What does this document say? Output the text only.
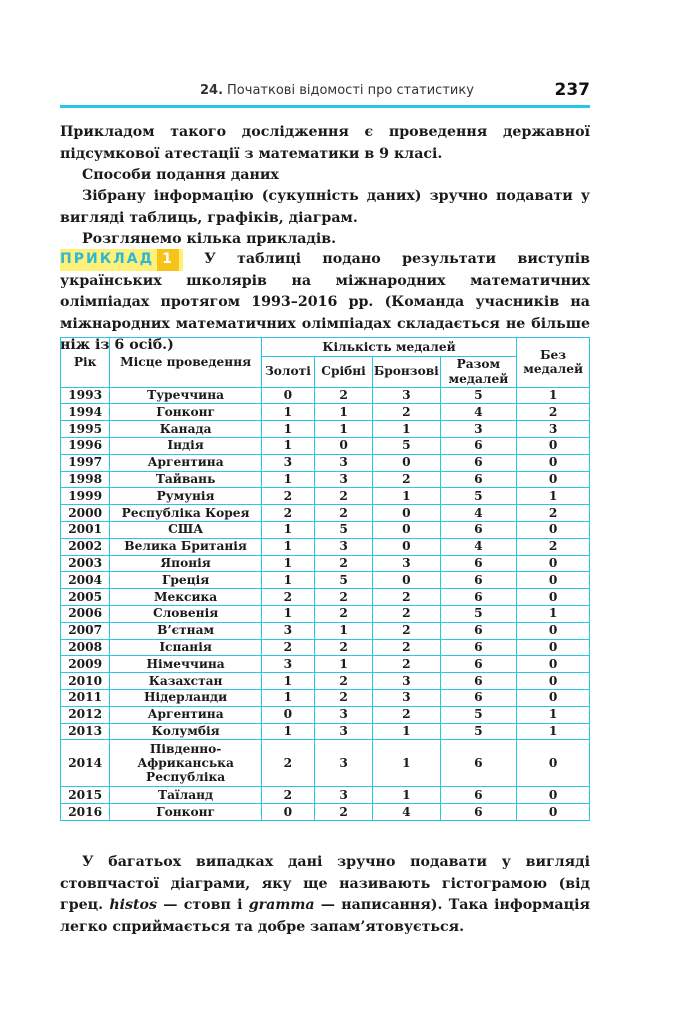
24. Початкові відомості про статистику	237
Прикладом такого дослідження є проведення державної підсумкової атестації з математики в 9 класі.
Способи подання даних
Зібрану інформацію (сукупність даних) зручно подавати у вигляді таблиць, графіків, діаграм.
Розглянемо кілька прикладів.
ПРИКЛАД 1 У таблиці подано результати виступів українських школярів на міжнародних математичних олімпіадах протягом 1993–2016 рр. (Команда учасників на міжнародних математичних олімпіадах складається не більше ніж із 6 осіб.)
Рік	Місце проведення	Кількість медалей				Без медалей
		Золоті	Срібні	Бронзові	Разом медалей	
1993	Туреччина	0	2	3	5	1
1994	Гонконг	1	1	2	4	2
1995	Канада	1	1	1	3	3
1996	Індія	1	0	5	6	0
1997	Аргентина	3	3	0	6	0
1998	Тайвань	1	3	2	6	0
1999	Румунія	2	2	1	5	1
2000	Республіка Корея	2	2	0	4	2
2001	США	1	5	0	6	0
2002	Велика Британія	1	3	0	4	2
2003	Японія	1	2	3	6	0
2004	Греція	1	5	0	6	0
2005	Мексика	2	2	2	6	0
2006	Словенія	1	2	2	5	1
2007	В’єтнам	3	1	2	6	0
2008	Іспанія	2	2	2	6	0
2009	Німеччина	3	1	2	6	0
2010	Казахстан	1	2	3	6	0
2011	Нідерланди	1	2	3	6	0
2012	Аргентина	0	3	2	5	1
2013	Колумбія	1	3	1	5	1
2014	Південно-Африканська Республіка	2	3	1	6	0
2015	Таїланд	2	3	1	6	0
2016	Гонконг	0	2	4	6	0
У багатьох випадках дані зручно подавати у вигляді стовпчастої діаграми, яку ще називають гістограмою (від грец. histos — стовп і gramma — написання). Така інформація легко сприймається та добре запам’ятовується.
